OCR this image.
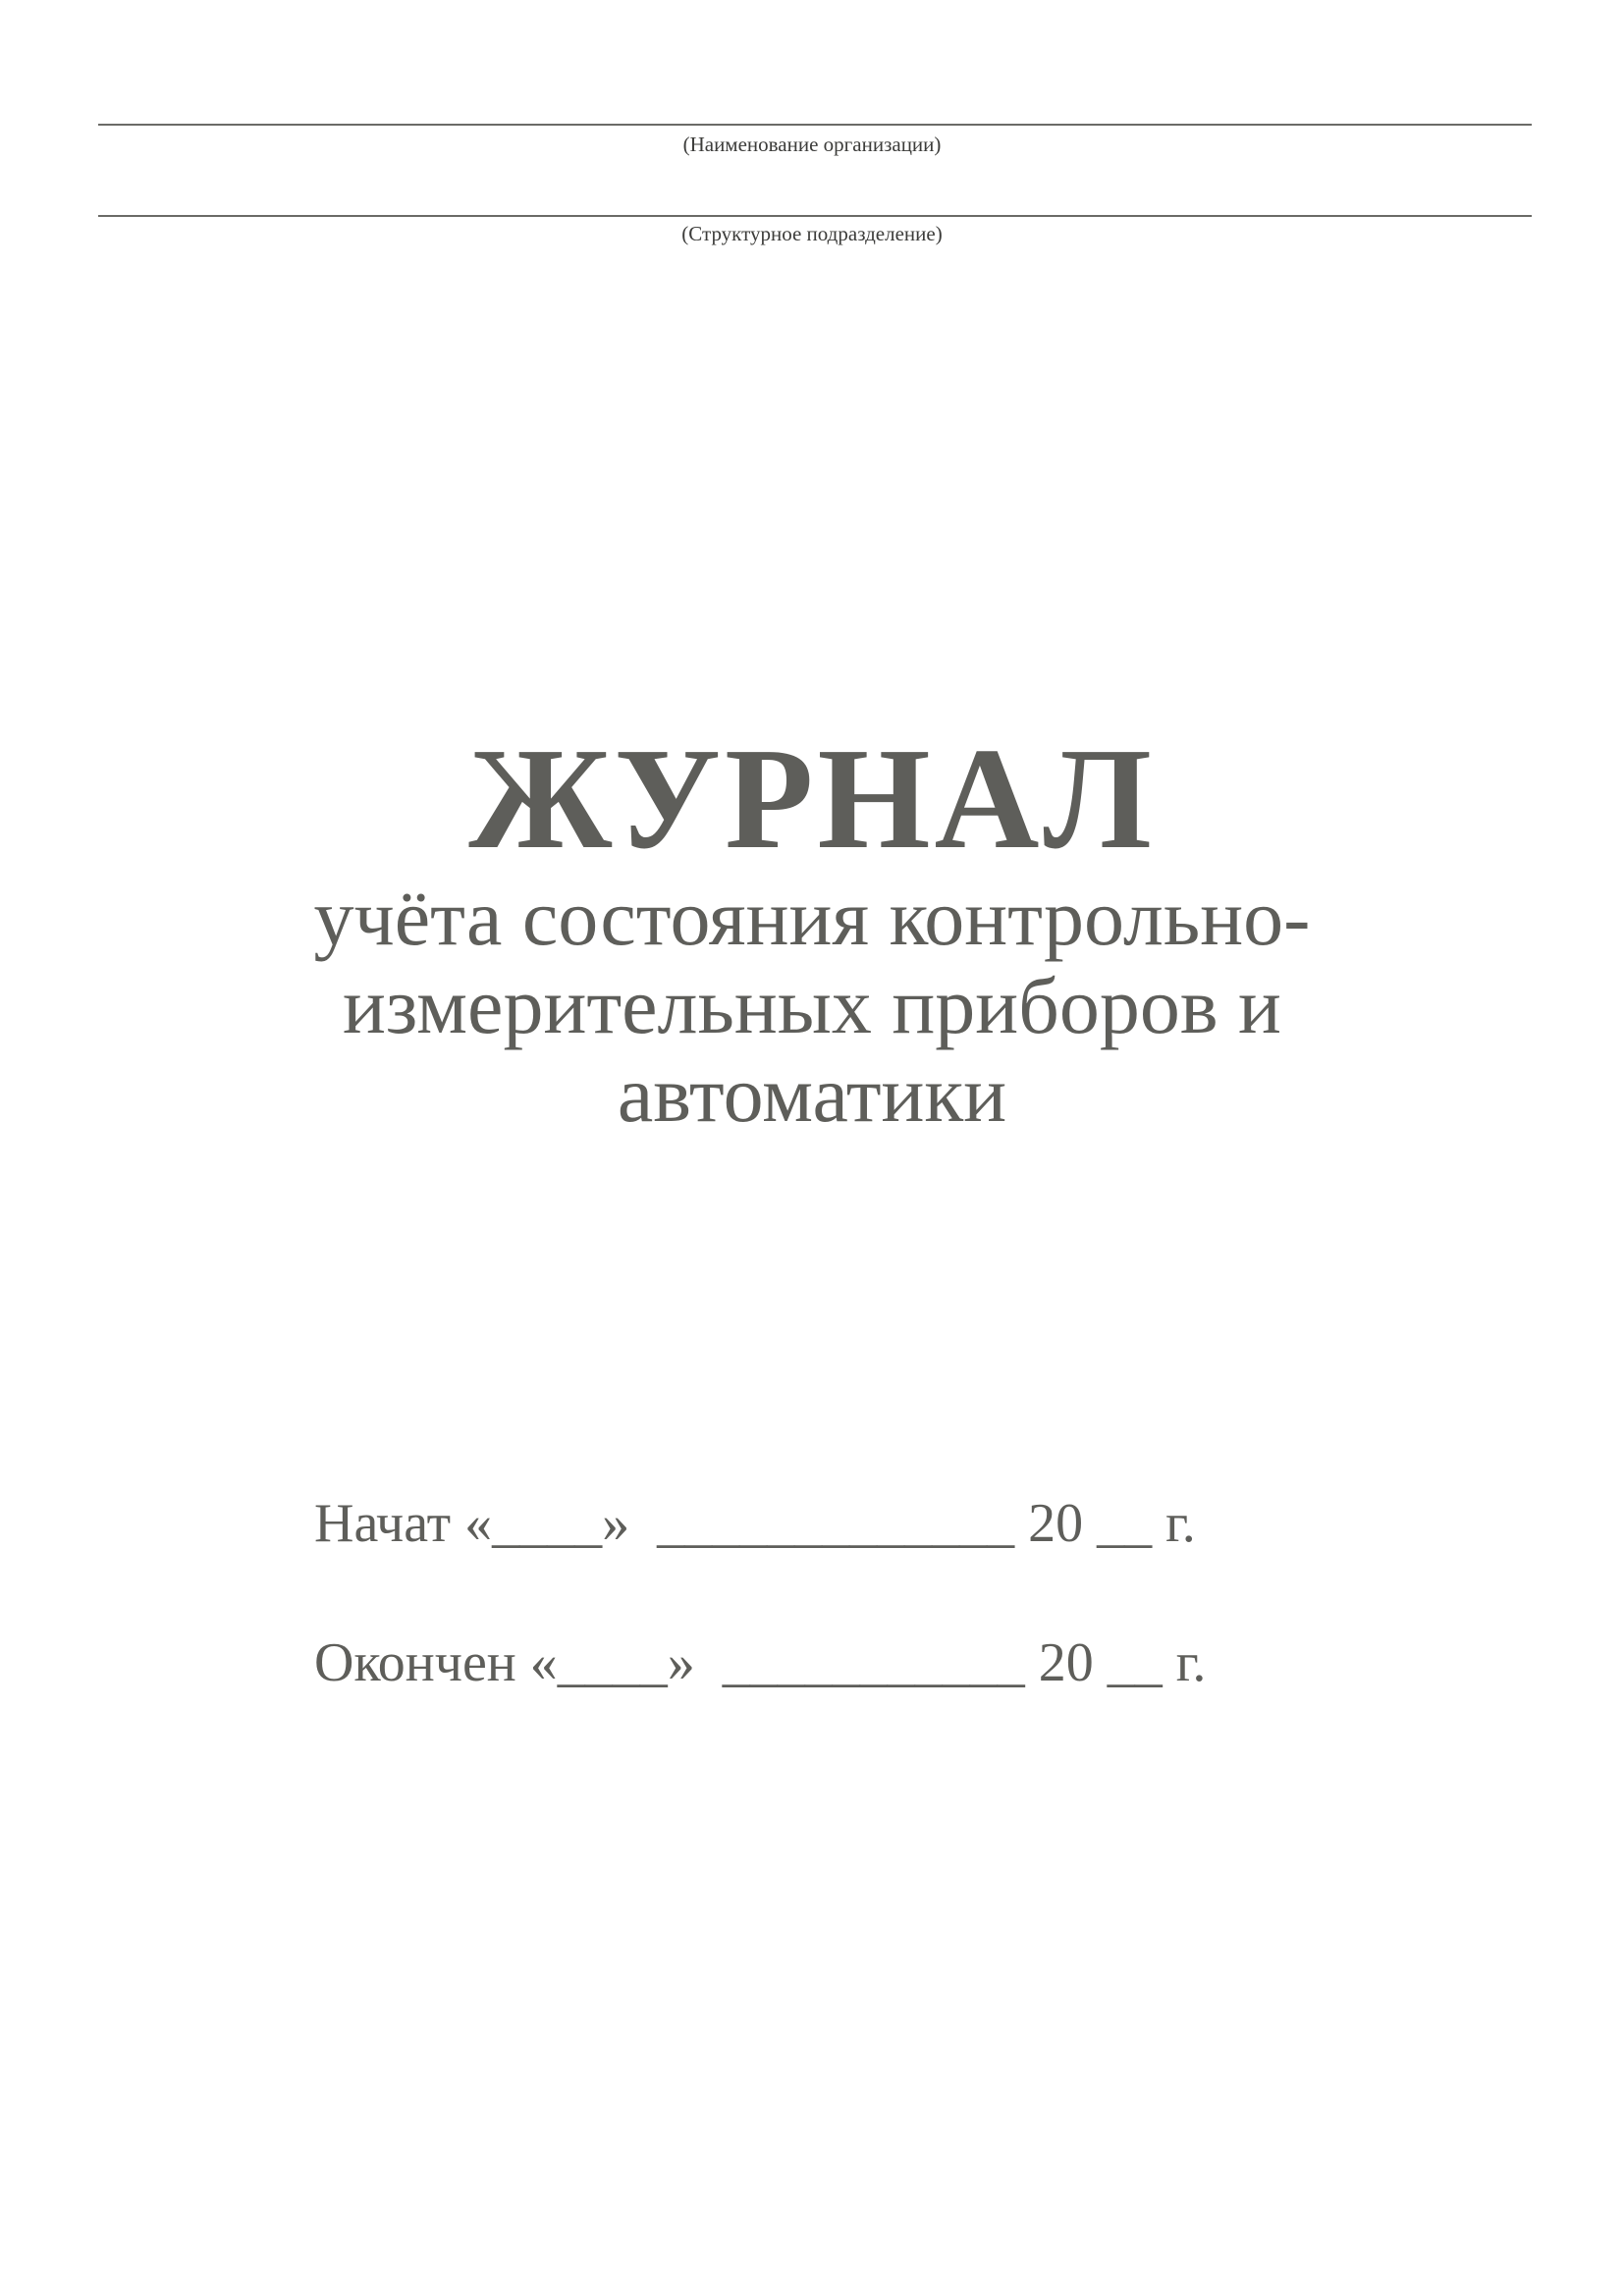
(Наименование организации)
(Структурное подразделение)
ЖУРНАЛ
учёта состояния контрольно-
измерительных приборов и
автоматики
Начат «____»  _____________ 20 __ г.
Окончен «____»  ___________ 20 __ г.
